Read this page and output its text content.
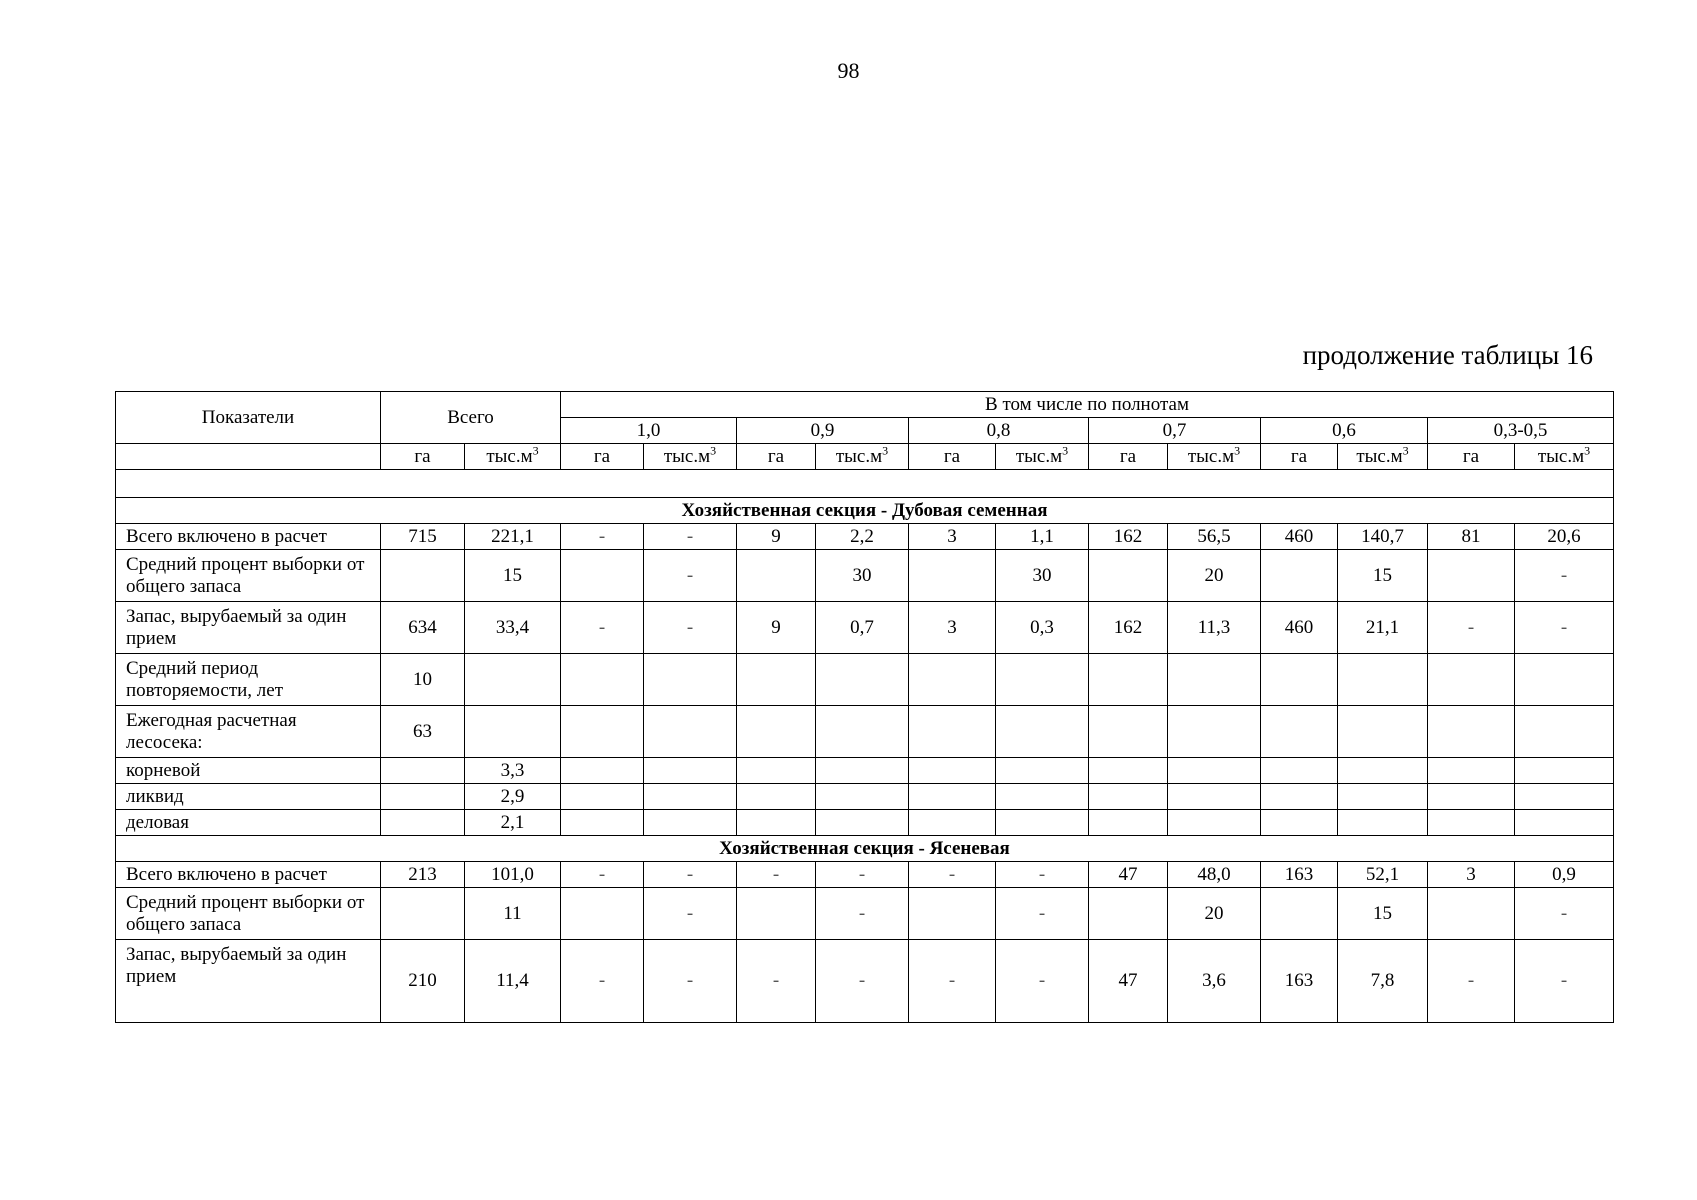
98
продолжение таблицы 16
Показатели	Всего		В том числе по полнотам											
			1,0		0,9		0,8		0,7		0,6		0,3-0,5	
	га	$тыс.м^3$	га	$тыс.м^3$	га	$тыс.м^3$	га	$тыс.м^3$	га	$тыс.м^3$	га	$тыс.м^3$	га	$тыс.м^3$

Хозяйственная секция - Дубовая семенная														
Всего включено в расчет	715	221,1	-	-	9	2,2	3	1,1	162	56,5	460	140,7	81	20,6
Средний процент выборки от общего запаса		15		-		30		30		20		15		-
Запас, вырубаемый за один прием	634	33,4	-	-	9	0,7	3	0,3	162	11,3	460	21,1	-	-
Средний период повторяемости, лет	10													
Ежегодная расчетная лесосека:	63													
корневой		3,3												
ликвид		2,9												
деловая		2,1												
Хозяйственная секция - Ясеневая														
Всего включено в расчет	213	101,0	-	-	-	-	-	-	47	48,0	163	52,1	3	0,9
Средний процент выборки от общего запаса		11		-		-		-		20		15		-
Запас, вырубаемый за один прием	210	11,4	-	-	-	-	-	-	47	3,6	163	7,8	-	-
